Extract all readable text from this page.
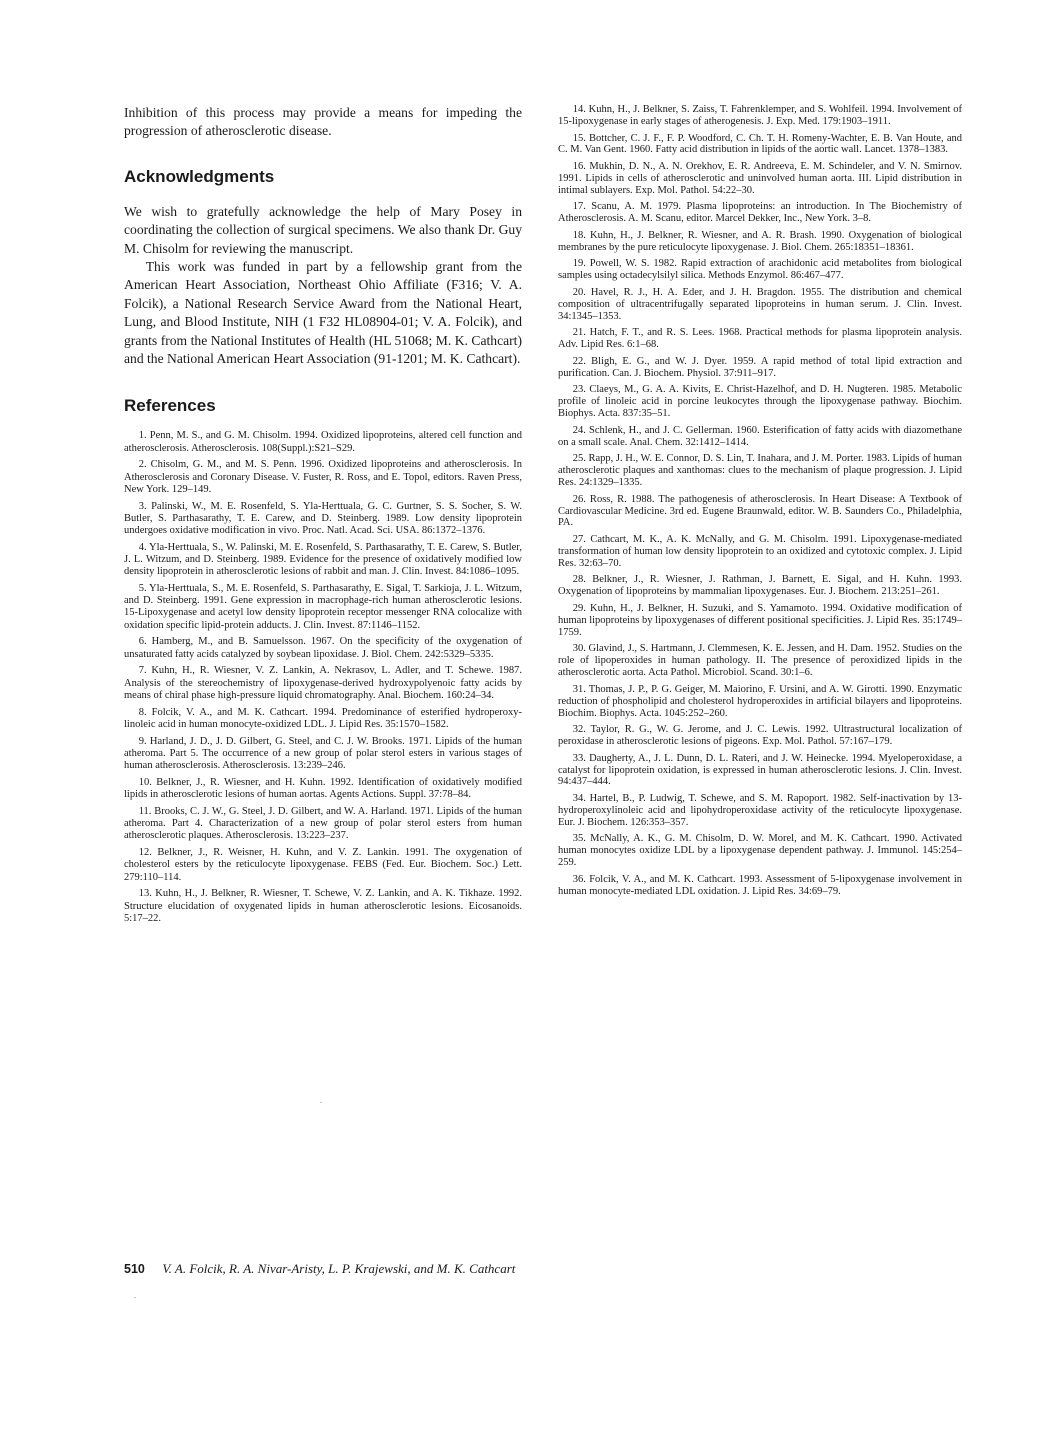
Inhibition of this process may provide a means for impeding the progression of atherosclerotic disease.

Acknowledgments

We wish to gratefully acknowledge the help of Mary Posey in coordinating the collection of surgical specimens. We also thank Dr. Guy M. Chisolm for reviewing the manuscript.

This work was funded in part by a fellowship grant from the American Heart Association, Northeast Ohio Affiliate (F316; V. A. Folcik), a National Research Service Award from the National Heart, Lung, and Blood Institute, NIH (1 F32 HL08904-01; V. A. Folcik), and grants from the National Institutes of Health (HL 51068; M. K. Cathcart) and the National American Heart Association (91-1201; M. K. Cathcart).

References
1. Penn, M. S., and G. M. Chisolm. 1994. Oxidized lipoproteins, altered cell function and atherosclerosis. Atherosclerosis. 108(Suppl.):S21–S29.
2. Chisolm, G. M., and M. S. Penn. 1996. Oxidized lipoproteins and atherosclerosis. In Atherosclerosis and Coronary Disease. V. Fuster, R. Ross, and E. Topol, editors. Raven Press, New York. 129–149.
3. Palinski, W., M. E. Rosenfeld, S. Yla-Herttuala, G. C. Gurtner, S. S. Socher, S. W. Butler, S. Parthasarathy, T. E. Carew, and D. Steinberg. 1989. Low density lipoprotein undergoes oxidative modification in vivo. Proc. Natl. Acad. Sci. USA. 86:1372–1376.
4. Yla-Herttuala, S., W. Palinski, M. E. Rosenfeld, S. Parthasarathy, T. E. Carew, S. Butler, J. L. Witzum, and D. Steinberg. 1989. Evidence for the presence of oxidatively modified low density lipoprotein in atherosclerotic lesions of rabbit and man. J. Clin. Invest. 84:1086–1095.
5. Yla-Herttuala, S., M. E. Rosenfeld, S. Parthasarathy, E. Sigal, T. Sarkioja, J. L. Witzum, and D. Steinberg. 1991. Gene expression in macrophage-rich human atherosclerotic lesions. 15-Lipoxygenase and acetyl low density lipoprotein receptor messenger RNA colocalize with oxidation specific lipid-protein adducts. J. Clin. Invest. 87:1146–1152.
6. Hamberg, M., and B. Samuelsson. 1967. On the specificity of the oxygenation of unsaturated fatty acids catalyzed by soybean lipoxidase. J. Biol. Chem. 242:5329–5335.
7. Kuhn, H., R. Wiesner, V. Z. Lankin, A. Nekrasov, L. Adler, and T. Schewe. 1987. Analysis of the stereochemistry of lipoxygenase-derived hydroxypolyenoic fatty acids by means of chiral phase high-pressure liquid chromatography. Anal. Biochem. 160:24–34.
8. Folcik, V. A., and M. K. Cathcart. 1994. Predominance of esterified hydroperoxy-linoleic acid in human monocyte-oxidized LDL. J. Lipid Res. 35:1570–1582.
9. Harland, J. D., J. D. Gilbert, G. Steel, and C. J. W. Brooks. 1971. Lipids of the human atheroma. Part 5. The occurrence of a new group of polar sterol esters in various stages of human atherosclerosis. Atherosclerosis. 13:239–246.
10. Belkner, J., R. Wiesner, and H. Kuhn. 1992. Identification of oxidatively modified lipids in atherosclerotic lesions of human aortas. Agents Actions. Suppl. 37:78–84.
11. Brooks, C. J. W., G. Steel, J. D. Gilbert, and W. A. Harland. 1971. Lipids of the human atheroma. Part 4. Characterization of a new group of polar sterol esters from human atherosclerotic plaques. Atherosclerosis. 13:223–237.
12. Belkner, J., R. Weisner, H. Kuhn, and V. Z. Lankin. 1991. The oxygenation of cholesterol esters by the reticulocyte lipoxygenase. FEBS (Fed. Eur. Biochem. Soc.) Lett. 279:110–114.
13. Kuhn, H., J. Belkner, R. Wiesner, T. Schewe, V. Z. Lankin, and A. K. Tikhaze. 1992. Structure elucidation of oxygenated lipids in human atherosclerotic lesions. Eicosanoids. 5:17–22.
14. Kuhn, H., J. Belkner, S. Zaiss, T. Fahrenklemper, and S. Wohlfeil. 1994. Involvement of 15-lipoxygenase in early stages of atherogenesis. J. Exp. Med. 179:1903–1911.
15. Bottcher, C. J. F., F. P. Woodford, C. Ch. T. H. Romeny-Wachter, E. B. Van Houte, and C. M. Van Gent. 1960. Fatty acid distribution in lipids of the aortic wall. Lancet. 1378–1383.
16. Mukhin, D. N., A. N. Orekhov, E. R. Andreeva, E. M. Schindeler, and V. N. Smirnov. 1991. Lipids in cells of atherosclerotic and uninvolved human aorta. III. Lipid distribution in intimal sublayers. Exp. Mol. Pathol. 54:22–30.
17. Scanu, A. M. 1979. Plasma lipoproteins: an introduction. In The Biochemistry of Atherosclerosis. A. M. Scanu, editor. Marcel Dekker, Inc., New York. 3–8.
18. Kuhn, H., J. Belkner, R. Wiesner, and A. R. Brash. 1990. Oxygenation of biological membranes by the pure reticulocyte lipoxygenase. J. Biol. Chem. 265:18351–18361.
19. Powell, W. S. 1982. Rapid extraction of arachidonic acid metabolites from biological samples using octadecylsilyl silica. Methods Enzymol. 86:467–477.
20. Havel, R. J., H. A. Eder, and J. H. Bragdon. 1955. The distribution and chemical composition of ultracentrifugally separated lipoproteins in human serum. J. Clin. Invest. 34:1345–1353.
21. Hatch, F. T., and R. S. Lees. 1968. Practical methods for plasma lipoprotein analysis. Adv. Lipid Res. 6:1–68.
22. Bligh, E. G., and W. J. Dyer. 1959. A rapid method of total lipid extraction and purification. Can. J. Biochem. Physiol. 37:911–917.
23. Claeys, M., G. A. A. Kivits, E. Christ-Hazelhof, and D. H. Nugteren. 1985. Metabolic profile of linoleic acid in porcine leukocytes through the lipoxygenase pathway. Biochim. Biophys. Acta. 837:35–51.
24. Schlenk, H., and J. C. Gellerman. 1960. Esterification of fatty acids with diazomethane on a small scale. Anal. Chem. 32:1412–1414.
25. Rapp, J. H., W. E. Connor, D. S. Lin, T. Inahara, and J. M. Porter. 1983. Lipids of human atherosclerotic plaques and xanthomas: clues to the mechanism of plaque progression. J. Lipid Res. 24:1329–1335.
26. Ross, R. 1988. The pathogenesis of atherosclerosis. In Heart Disease: A Textbook of Cardiovascular Medicine. 3rd ed. Eugene Braunwald, editor. W. B. Saunders Co., Philadelphia, PA.
27. Cathcart, M. K., A. K. McNally, and G. M. Chisolm. 1991. Lipoxygenase-mediated transformation of human low density lipoprotein to an oxidized and cytotoxic complex. J. Lipid Res. 32:63–70.
28. Belkner, J., R. Wiesner, J. Rathman, J. Barnett, E. Sigal, and H. Kuhn. 1993. Oxygenation of lipoproteins by mammalian lipoxygenases. Eur. J. Biochem. 213:251–261.
29. Kuhn, H., J. Belkner, H. Suzuki, and S. Yamamoto. 1994. Oxidative modification of human lipoproteins by lipoxygenases of different positional specificities. J. Lipid Res. 35:1749–1759.
30. Glavind, J., S. Hartmann, J. Clemmesen, K. E. Jessen, and H. Dam. 1952. Studies on the role of lipoperoxides in human pathology. II. The presence of peroxidized lipids in the atherosclerotic aorta. Acta Pathol. Microbiol. Scand. 30:1–6.
31. Thomas, J. P., P. G. Geiger, M. Maiorino, F. Ursini, and A. W. Girotti. 1990. Enzymatic reduction of phospholipid and cholesterol hydroperoxides in artificial bilayers and lipoproteins. Biochim. Biophys. Acta. 1045:252–260.
32. Taylor, R. G., W. G. Jerome, and J. C. Lewis. 1992. Ultrastructural localization of peroxidase in atherosclerotic lesions of pigeons. Exp. Mol. Pathol. 57:167–179.
33. Daugherty, A., J. L. Dunn, D. L. Rateri, and J. W. Heinecke. 1994. Myeloperoxidase, a catalyst for lipoprotein oxidation, is expressed in human atherosclerotic lesions. J. Clin. Invest. 94:437–444.
34. Hartel, B., P. Ludwig, T. Schewe, and S. M. Rapoport. 1982. Self-inactivation by 13-hydroperoxylinoleic acid and lipohydroperoxidase activity of the reticulocyte lipoxygenase. Eur. J. Biochem. 126:353–357.
35. McNally, A. K., G. M. Chisolm, D. W. Morel, and M. K. Cathcart. 1990. Activated human monocytes oxidize LDL by a lipoxygenase dependent pathway. J. Immunol. 145:254–259.
36. Folcik, V. A., and M. K. Cathcart. 1993. Assessment of 5-lipoxygenase involvement in human monocyte-mediated LDL oxidation. J. Lipid Res. 34:69–79.
510 V. A. Folcik, R. A. Nivar-Aristy, L. P. Krajewski, and M. K. Cathcart
